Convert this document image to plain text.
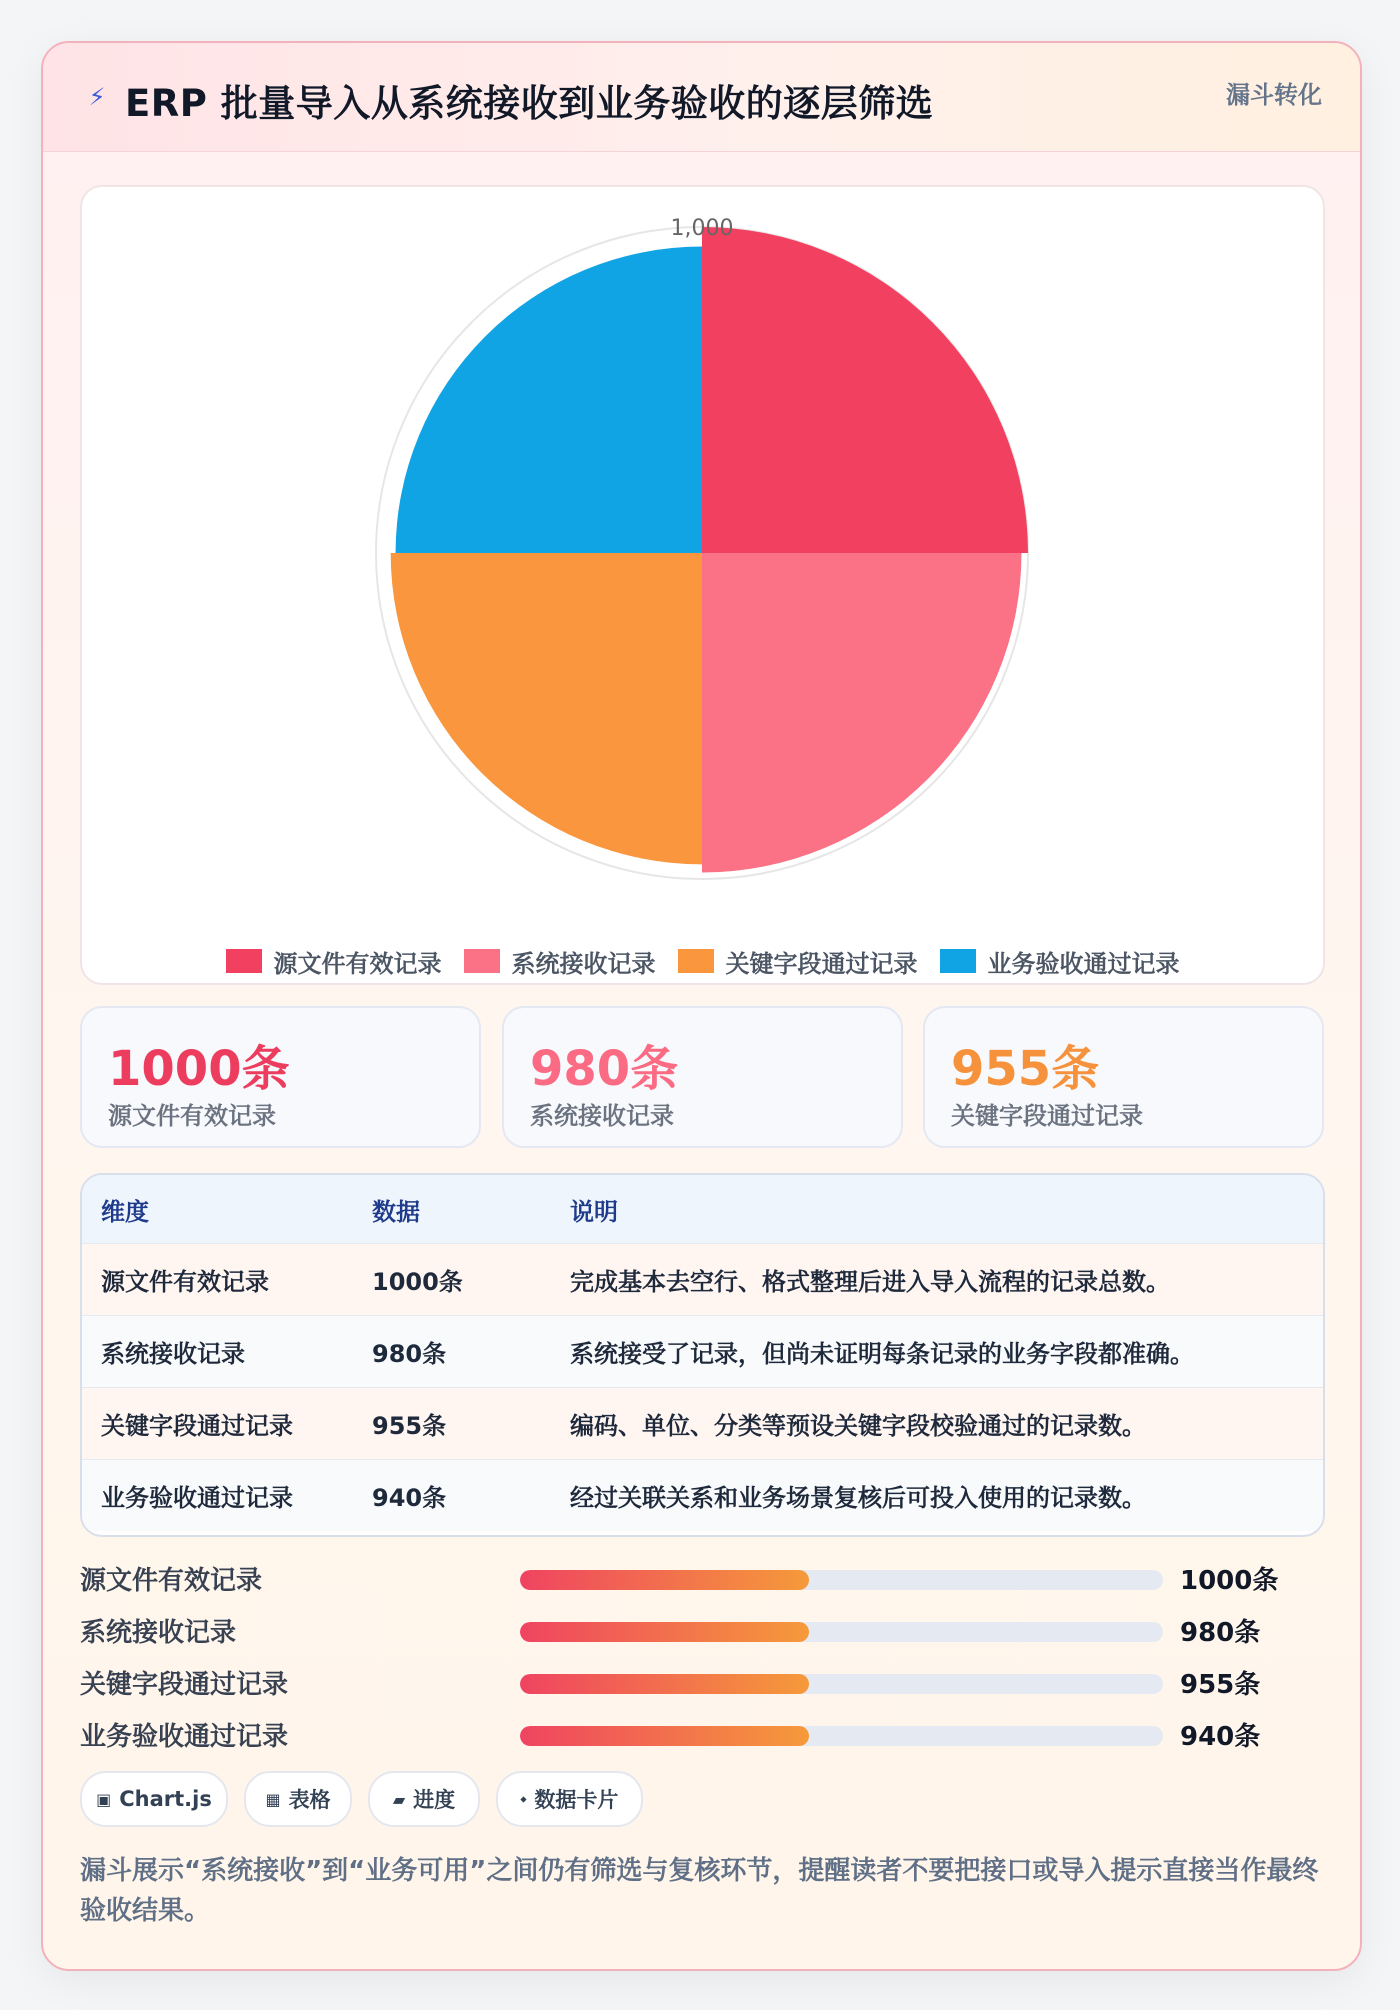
⚡︎ ERP 批量导入从系统接收到业务验收的逐层筛选	漏斗转化
1,000
源文件有效记录	系统接收记录	关键字段通过记录	业务验收通过记录
1000条
源文件有效记录
980条
系统接收记录
955条
关键字段通过记录
维度	数据	说明
源文件有效记录	1000条	完成基本去空行、格式整理后进入导入流程的记录总数。
系统接收记录	980条	系统接受了记录，但尚未证明每条记录的业务字段都准确。
关键字段通过记录	955条	编码、单位、分类等预设关键字段校验通过的记录数。
业务验收通过记录	940条	经过关联关系和业务场景复核后可投入使用的记录数。
源文件有效记录	1000条
系统接收记录	980条
关键字段通过记录	955条
业务验收通过记录	940条
▣ Chart.js	▦ 表格	▰ 进度	⬩ 数据卡片
漏斗展示“系统接收”到“业务可用”之间仍有筛选与复核环节，提醒读者不要把接口或导入提示直接当作最终验收结果。
